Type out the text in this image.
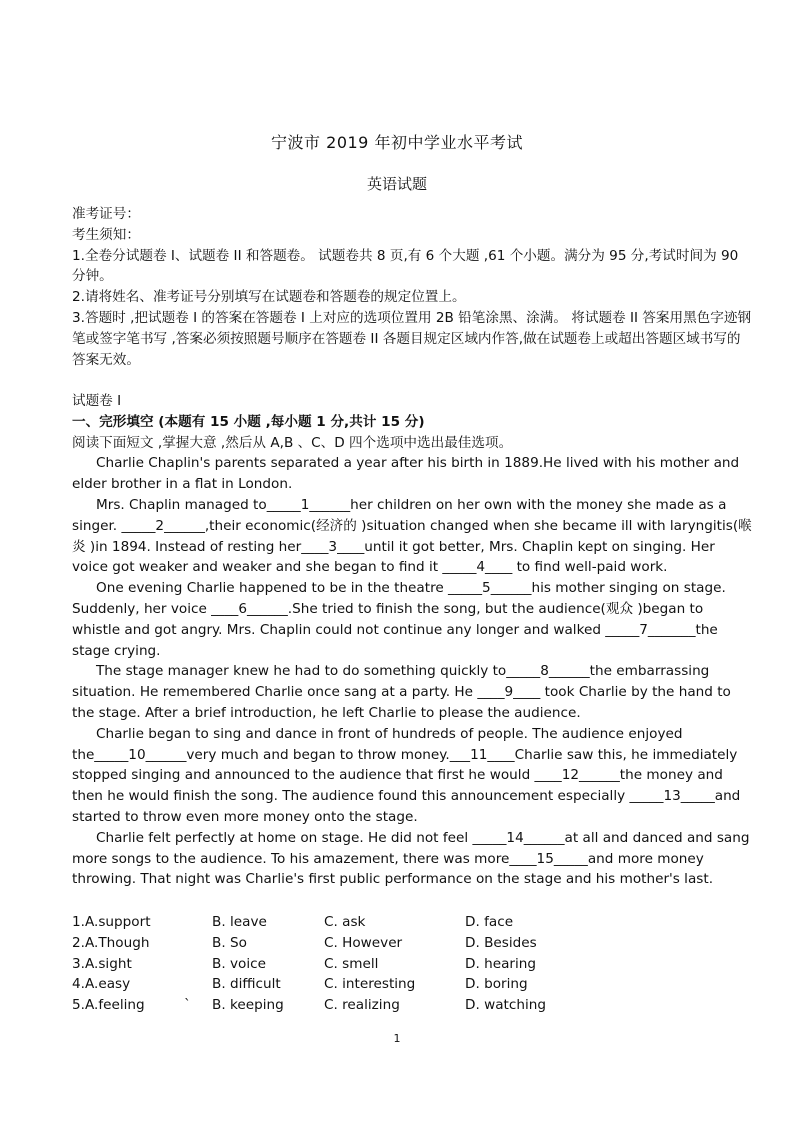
宁波市 2019 年初中学业水平考试
英语试题

准考证号：

考生须知：

1.全卷分试题卷 I、试题卷 II 和答题卷。 试题卷共 8 页,有 6 个大题 ,61 个小题。满分为 95 分,考试时间为 90 分钟。

2.请将姓名、准考证号分别填写在试题卷和答题卷的规定位置上。

3.答题时 ,把试题卷 I 的答案在答题卷 I 上对应的选项位置用 2B 铅笔涂黑、涂满。 将试题卷 II 答案用黑色字迹钢笔或签字笔书写 ,答案必须按照题号顺序在答题卷 II 各题目规定区域内作答,做在试题卷上或超出答题区域书写的答案无效。

试题卷 I

一、完形填空 (本题有 15 小题 ,每小题 1 分,共计 15 分)

阅读下面短文 ,掌握大意 ,然后从 A,B 、C、D 四个选项中选出最佳选项。

Charlie Chaplin's parents separated a year after his birth in 1889.He lived with his mother and elder brother in a flat in London.

Mrs. Chaplin managed to_____1______her children on her own with the money she made as a singer. _____2______,their economic(经济的 )situation changed when she became ill with laryngitis(喉炎 )in 1894. Instead of resting her____3____until it got better, Mrs. Chaplin kept on singing. Her voice got weaker and weaker and she began to find it _____4____ to find well-paid work.

One evening Charlie happened to be in the theatre _____5______his mother singing on stage. Suddenly, her voice ____6______.She tried to finish the song, but the audience(观众 )began to whistle and got angry. Mrs. Chaplin could not continue any longer and walked _____7_______the stage crying.

The stage manager knew he had to do something quickly to_____8______the embarrassing situation. He remembered Charlie once sang at a party. He ____9____ took Charlie by the hand to the stage. After a brief introduction, he left Charlie to please the audience.

Charlie began to sing and dance in front of hundreds of people. The audience enjoyed the_____10______very much and began to throw money.___11____Charlie saw this, he immediately stopped singing and announced to the audience that first he would ____12______the money and then he would finish the song. The audience found this announcement especially _____13_____and started to throw even more money onto the stage.

Charlie felt perfectly at home on stage. He did not feel _____14______at all and danced and sang more songs to the audience. To his amazement, there was more____15_____and more money throwing. That night was Charlie's first public performance on the stage and his mother's last.

1.A.support	B. leave	C. ask	D. face
2.A.Though	B. So	C. However	D. Besides
3.A.sight	B. voice	C. smell	D. hearing
4.A.easy	B. difficult	C. interesting	D. boring
5.A.feeling	` B. keeping	C. realizing	D. watching
1
